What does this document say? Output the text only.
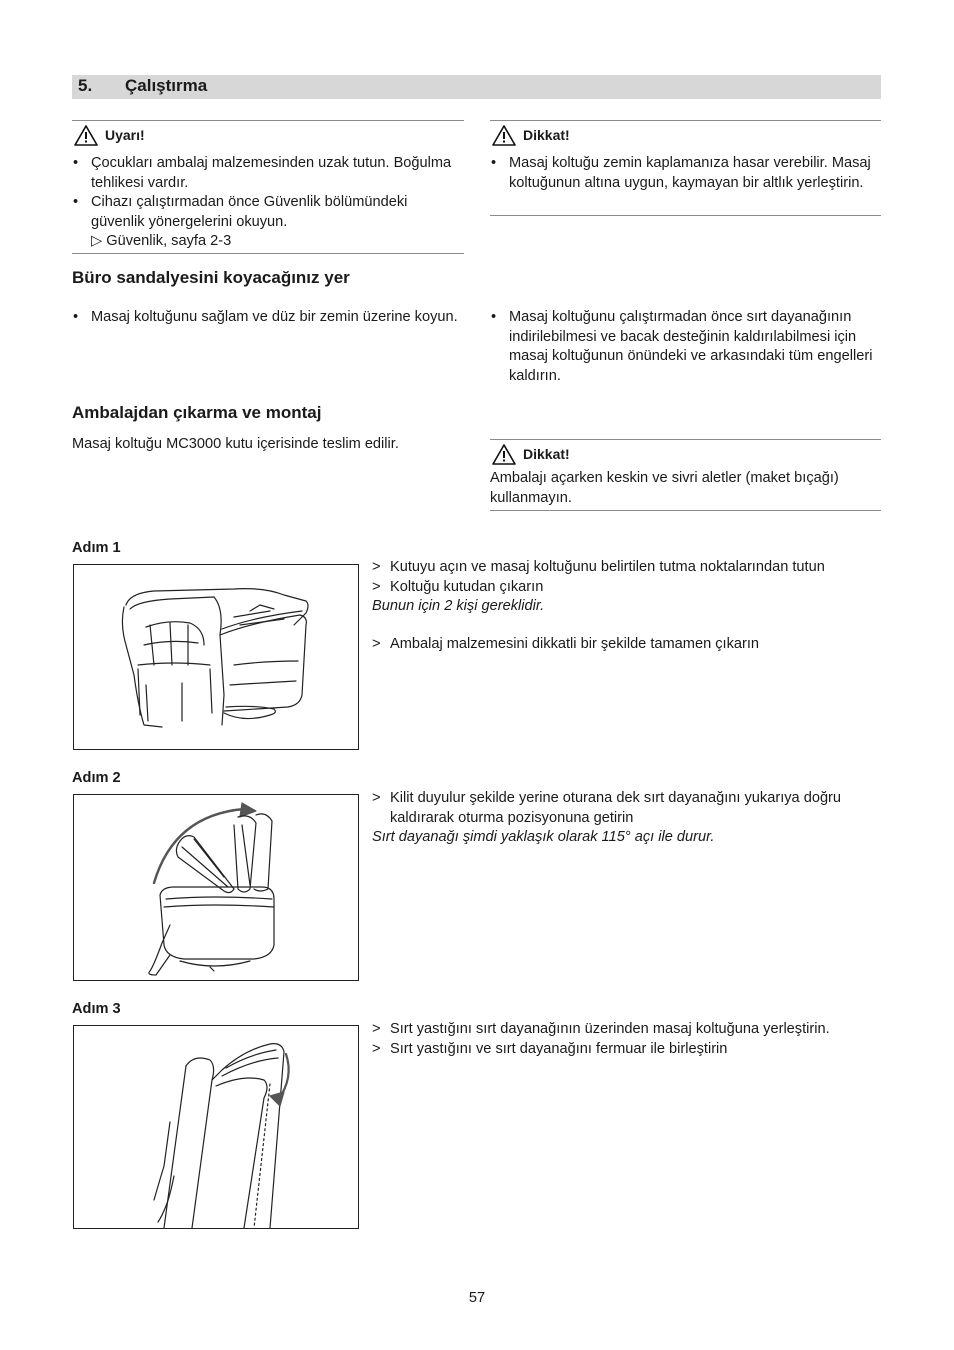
5. Çalıştırma
Uyarı!
• Çocukları ambalaj malzemesinden uzak tutun. Boğulma tehlikesi vardır.
• Cihazı çalıştırmadan önce Güvenlik bölümündeki güvenlik yönergelerini okuyun.
▷ Güvenlik, sayfa 2-3
Dikkat!
• Masaj koltuğu zemin kaplamanıza hasar verebilir. Masaj koltuğunun altına uygun, kaymayan bir altlık yerleştirin.
Büro sandalyesini koyacağınız yer
• Masaj koltuğunu sağlam ve düz bir zemin üzerine koyun.	• Masaj koltuğunu çalıştırmadan önce sırt dayanağının indirilebilmesi ve bacak desteğinin kaldırılabilmesi için masaj koltuğunun önündeki ve arkasındaki tüm engelleri kaldırın.
Ambalajdan çıkarma ve montaj
Masaj koltuğu MC3000 kutu içerisinde teslim edilir.
Dikkat!
Ambalajı açarken keskin ve sivri aletler (maket bıçağı) kullanmayın.
Adım 1
> Kutuyu açın ve masaj koltuğunu belirtilen tutma noktalarından tutun
> Koltuğu kutudan çıkarın
Bunun için 2 kişi gereklidir.
> Ambalaj malzemesini dikkatli bir şekilde tamamen çıkarın
Adım 2
> Kilit duyulur şekilde yerine oturana dek sırt dayanağını yukarıya doğru kaldırarak oturma pozisyonuna getirin
Sırt dayanağı şimdi yaklaşık olarak 115° açı ile durur.
Adım 3
> Sırt yastığını sırt dayanağının üzerinden masaj koltuğuna yerleştirin.
> Sırt yastığını ve sırt dayanağını fermuar ile birleştirin
57
